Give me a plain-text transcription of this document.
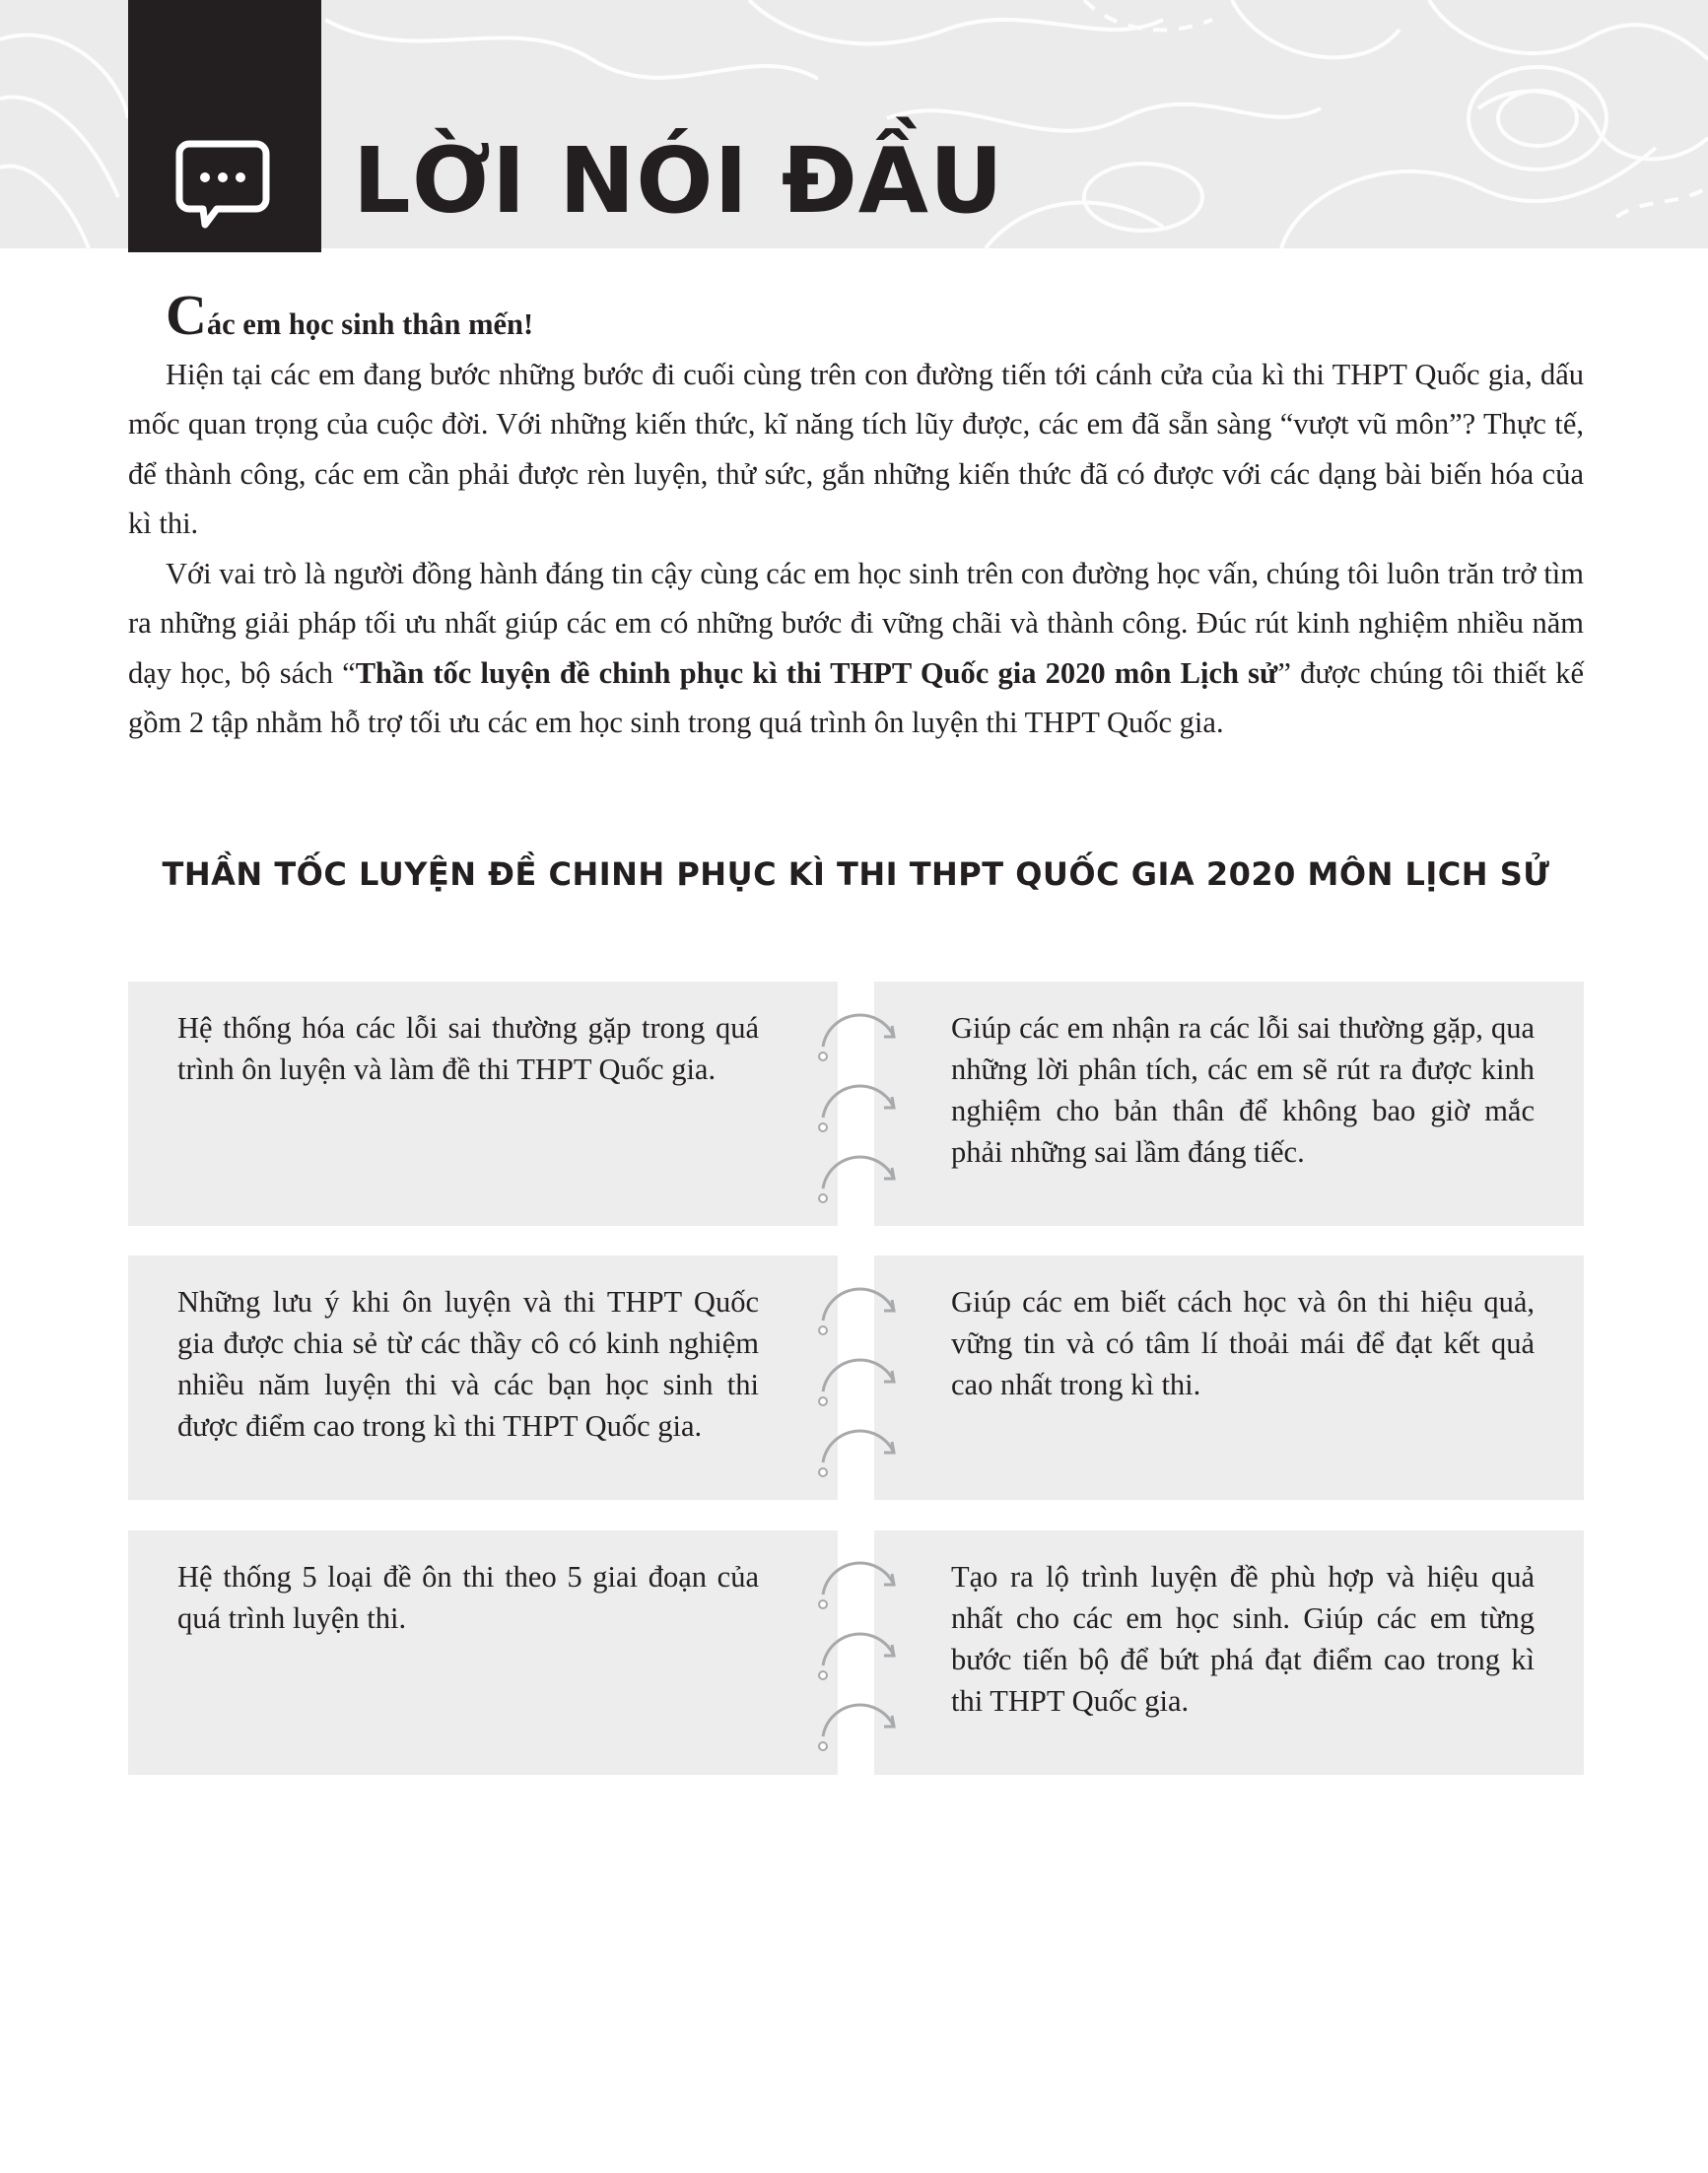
LỜI NÓI ĐẦU
Các em học sinh thân mến!

Hiện tại các em đang bước những bước đi cuối cùng trên con đường tiến tới cánh cửa của kì thi THPT Quốc gia, dấu mốc quan trọng của cuộc đời. Với những kiến thức, kĩ năng tích lũy được, các em đã sẵn sàng “vượt vũ môn”? Thực tế, để thành công, các em cần phải được rèn luyện, thử sức, gắn những kiến thức đã có được với các dạng bài biến hóa của kì thi.

Với vai trò là người đồng hành đáng tin cậy cùng các em học sinh trên con đường học vấn, chúng tôi luôn trăn trở tìm ra những giải pháp tối ưu nhất giúp các em có những bước đi vững chãi và thành công. Đúc rút kinh nghiệm nhiều năm dạy học, bộ sách “Thần tốc luyện đề chinh phục kì thi THPT Quốc gia 2020 môn Lịch sử” được chúng tôi thiết kế gồm 2 tập nhằm hỗ trợ tối ưu các em học sinh trong quá trình ôn luyện thi THPT Quốc gia.

THẦN TỐC LUYỆN ĐỀ CHINH PHỤC KÌ THI THPT QUỐC GIA 2020 MÔN LỊCH SỬ
Hệ thống hóa các lỗi sai thường gặp trong quá trình ôn luyện và làm đề thi THPT Quốc gia.
Giúp các em nhận ra các lỗi sai thường gặp, qua những lời phân tích, các em sẽ rút ra được kinh nghiệm cho bản thân để không bao giờ mắc phải những sai lầm đáng tiếc.
Những lưu ý khi ôn luyện và thi THPT Quốc gia được chia sẻ từ các thầy cô có kinh nghiệm nhiều năm luyện thi và các bạn học sinh thi được điểm cao trong kì thi THPT Quốc gia.
Giúp các em biết cách học và ôn thi hiệu quả, vững tin và có tâm lí thoải mái để đạt kết quả cao nhất trong kì thi.
Hệ thống 5 loại đề ôn thi theo 5 giai đoạn của quá trình luyện thi.
Tạo ra lộ trình luyện đề phù hợp và hiệu quả nhất cho các em học sinh. Giúp các em từng bước tiến bộ để bứt phá đạt điểm cao trong kì thi THPT Quốc gia.
